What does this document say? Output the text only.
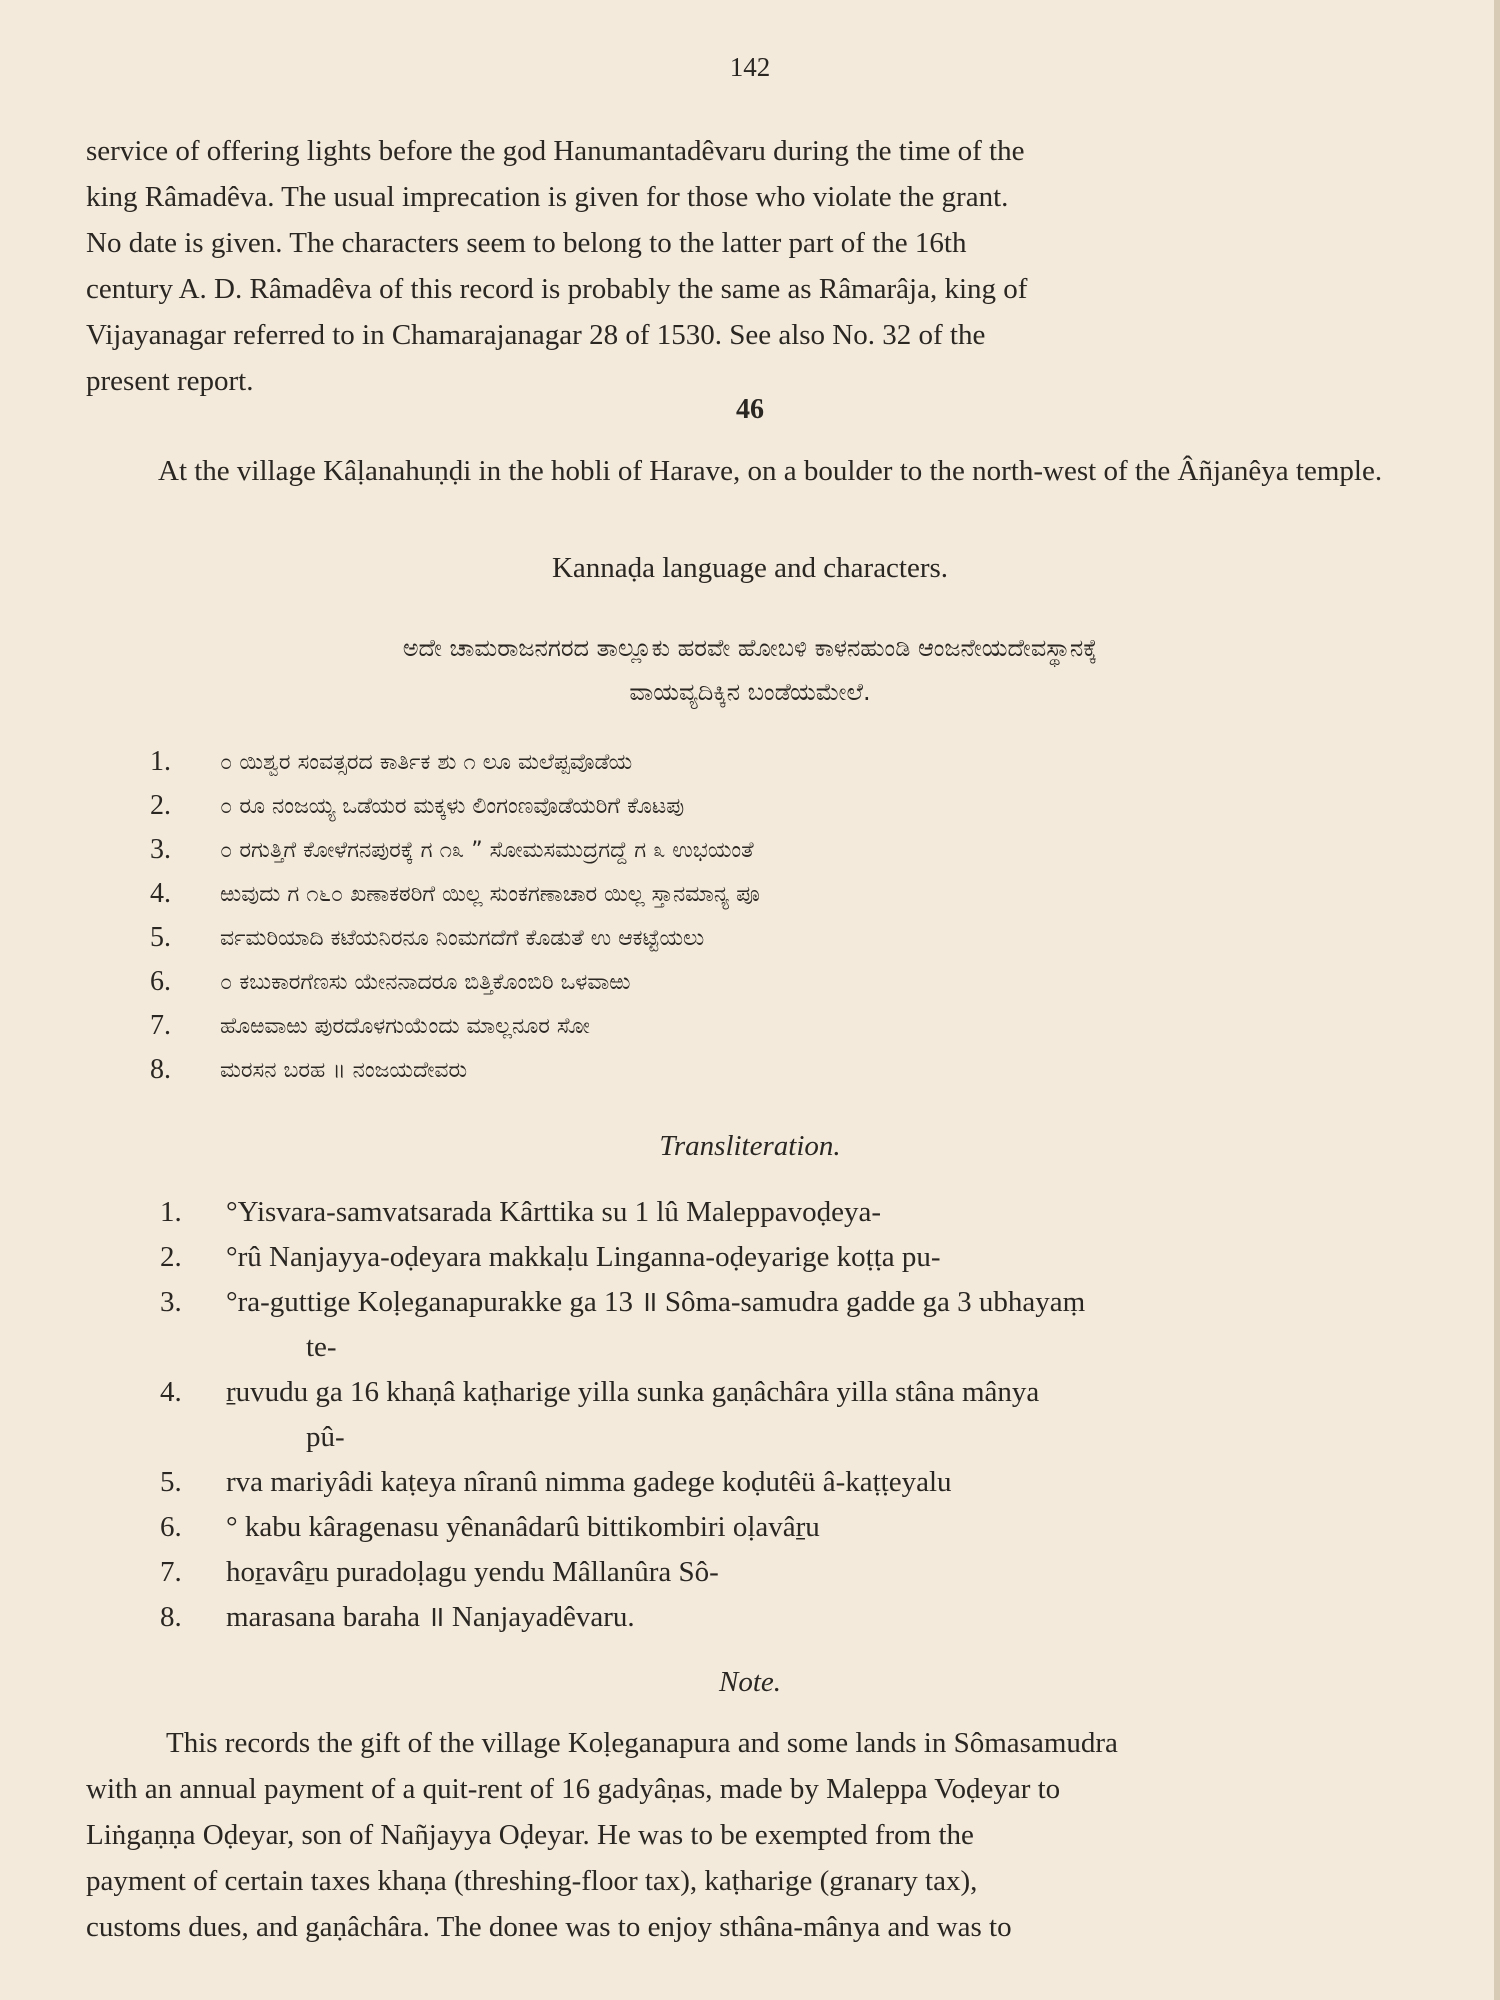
142
service of offering lights before the god Hanumantadêvaru during the time of the
king Râmadêva. The usual imprecation is given for those who violate the grant.
No date is given. The characters seem to belong to the latter part of the 16th
century A. D. Râmadêva of this record is probably the same as Râmarâja, king of
Vijayanagar referred to in Chamarajanagar 28 of 1530. See also No. 32 of the
present report.
46
At the village Kâḷanahuṇḍi in the hobli of Harave, on a boulder to the north-west of the Âñjanêya temple.
Kannaḍa language and characters.
ಅದೇ ಚಾಮರಾಜನಗರದ ತಾಲ್ಲೂಕು ಹರವೇ ಹೋಬಳಿ ಕಾಳನಹುಂಡಿ ಆಂಜನೇಯದೇವಸ್ಥಾನಕ್ಕೆ
ವಾಯವ್ಯದಿಕ್ಕಿನ ಬಂಡೆಯಮೇಲೆ.
1.	೦ ಯಿಶ್ವರ ಸಂವತ್ಸರದ ಕಾರ್ತಿಕ ಶು ೧ ಲೂ ಮಲೆಪ್ಪವೊಡೆಯ
2.	೦ ರೂ ನಂಜಯ್ಯ ಒಡೆಯರ ಮಕ್ಕಳು ಲಿಂಗಂಣವೊಡೆಯರಿಗೆ ಕೊಟಪು
3.	೦ ರಗುತ್ತಿಗೆ ಕೋಳೆಗನಪುರಕ್ಕೆ ಗ ೧೩ ” ಸೋಮಸಮುದ್ರಗದ್ದೆ ಗ ೩ ಉಭಯಂತೆ
4.	ಱುವುದು ಗ ೧೬೦ ಖಣಾಕಠರಿಗೆ ಯಿಲ್ಲ ಸುಂಕಗಣಾಚಾರ ಯಿಲ್ಲ ಸ್ತಾನಮಾನ್ಯ ಪೂ
5.	ರ್ವಮರಿಯಾದಿ ಕಟೆಯನಿರನೂ ನಿಂಮಗದೆಗೆ ಕೊಡುತೆ ಉ ಆಕಟ್ಟೆಯಲು
6.	೦ ಕಬುಕಾರಗೆಣಸು ಯೇನನಾದರೂ ಬಿತ್ತಿಕೊಂಬಿರಿ ಒಳವಾಱು
7.	ಹೊಱವಾಱು ಪುರದೊಳಗುಯೆಂದು ಮಾಲ್ಲನೂರ ಸೋ
8.	ಮರಸನ ಬರಹ ॥ ನಂಜಯದೇವರು
Transliteration.
1.	°Yisvara-samvatsarada Kârttika su 1 lû Maleppavoḍeya-
2.	°rû Nanjayya-oḍeyara makkaḷu Linganna-oḍeyarige koṭṭa pu-
3.	°ra-guttige Koḷeganapurakke ga 13 ॥ Sôma-samudra gadde ga 3 ubhayaṃ
te-
4.	ṟuvudu ga 16 khaṇâ kaṭharige yilla sunka gaṇâchâra yilla stâna mânya
pû-
5.	rva mariyâdi kaṭeya nîranû nimma gadege koḍutêü â-kaṭṭeyalu
6.	° kabu kâragenasu yênanâdarû bittikombiri oḷavâṟu
7.	hoṟavâṟu puradoḷagu yendu Mâllanûra Sô-
8.	marasana baraha ॥ Nanjayadêvaru.
Note.
This records the gift of the village Koḷeganapura and some lands in Sômasamudra
with an annual payment of a quit-rent of 16 gadyâṇas, made by Maleppa Voḍeyar to
Liṅgaṇṇa Oḍeyar, son of Nañjayya Oḍeyar. He was to be exempted from the
payment of certain taxes khaṇa (threshing-floor tax), kaṭharige (granary tax),
customs dues, and gaṇâchâra. The donee was to enjoy sthâna-mânya and was to
